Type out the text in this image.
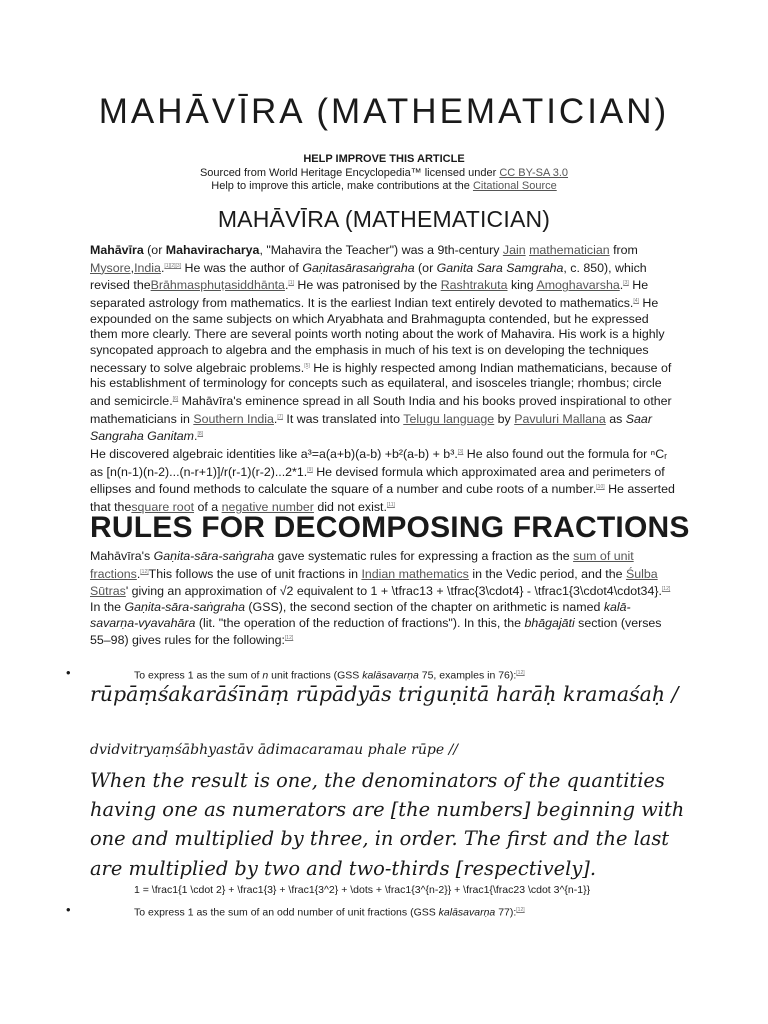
MAHĀVĪRA (MATHEMATICIAN)
HELP IMPROVE THIS ARTICLE
Sourced from World Heritage Encyclopedia™ licensed under CC BY-SA 3.0
Help to improve this article, make contributions at the Citational Source
MAHĀVĪRA (MATHEMATICIAN)

Mahāvīra (or Mahaviracharya, "Mahavira the Teacher") was a 9th-century Jain mathematician from Mysore,India.[1][2][3] He was the author of Gaṇitasārasaṅgraha (or Ganita Sara Samgraha, c. 850), which revised theBrāhmasphuṭasiddhānta.[1] He was patronised by the Rashtrakuta king Amoghavarsha.[3] He separated astrology from mathematics. It is the earliest Indian text entirely devoted to mathematics.[4] He expounded on the same subjects on which Aryabhata and Brahmagupta contended, but he expressed them more clearly. There are several points worth noting about the work of Mahavira. His work is a highly syncopated approach to algebra and the emphasis in much of his text is on developing the techniques necessary to solve algebraic problems.[5] He is highly respected among Indian mathematicians, because of his establishment of terminology for concepts such as equilateral, and isosceles triangle; rhombus; circle and semicircle.[6] Mahāvīra's eminence spread in all South India and his books proved inspirational to other mathematicians in Southern India.[7] It was translated into Telugu language by Pavuluri Mallana as Saar Sangraha Ganitam.[8]

He discovered algebraic identities like a³=a(a+b)(a-b) +b²(a-b) + b³.[3] He also found out the formula for ⁿCᵣ as [n(n-1)(n-2)...(n-r+1)]/r(r-1)(r-2)...2*1.[9] He devised formula which approximated area and perimeters of ellipses and found methods to calculate the square of a number and cube roots of a number.[10] He asserted that thesquare root of a negative number did not exist.[11]

RULES FOR DECOMPOSING FRACTIONS

Mahāvīra's Gaṇita-sāra-saṅgraha gave systematic rules for expressing a fraction as the sum of unit fractions.[12]This follows the use of unit fractions in Indian mathematics in the Vedic period, and the Śulba Sūtras' giving an approximation of √2 equivalent to 1 + \tfrac13 + \tfrac{3\cdot4} - \tfrac1{3\cdot4\cdot34}.[12]

In the Gaṇita-sāra-saṅgraha (GSS), the second section of the chapter on arithmetic is named kalā-savarṇa-vyavahāra (lit. "the operation of the reduction of fractions"). In this, the bhāgajāti section (verses 55–98) gives rules for the following:[12]

•	To express 1 as the sum of n unit fractions (GSS kalāsavarṇa 75, examples in 76):[12]
rūpāṃśakarāśīnāṃ rūpādyās triguṇitā harāḥ kramaśaḥ /
dvidvitryaṃśābhyastāv ādimacaramau phale rūpe //
When the result is one, the denominators of the quantities having one as numerators are [the numbers] beginning with one and multiplied by three, in order. The first and the last are multiplied by two and two-thirds [respectively].
1 = \frac1{1 \cdot 2} + \frac1{3} + \frac1{3^2} + \dots + \frac1{3^{n-2}} + \frac1{\frac23 \cdot 3^{n-1}}
•	To express 1 as the sum of an odd number of unit fractions (GSS kalāsavarṇa 77):[12]
